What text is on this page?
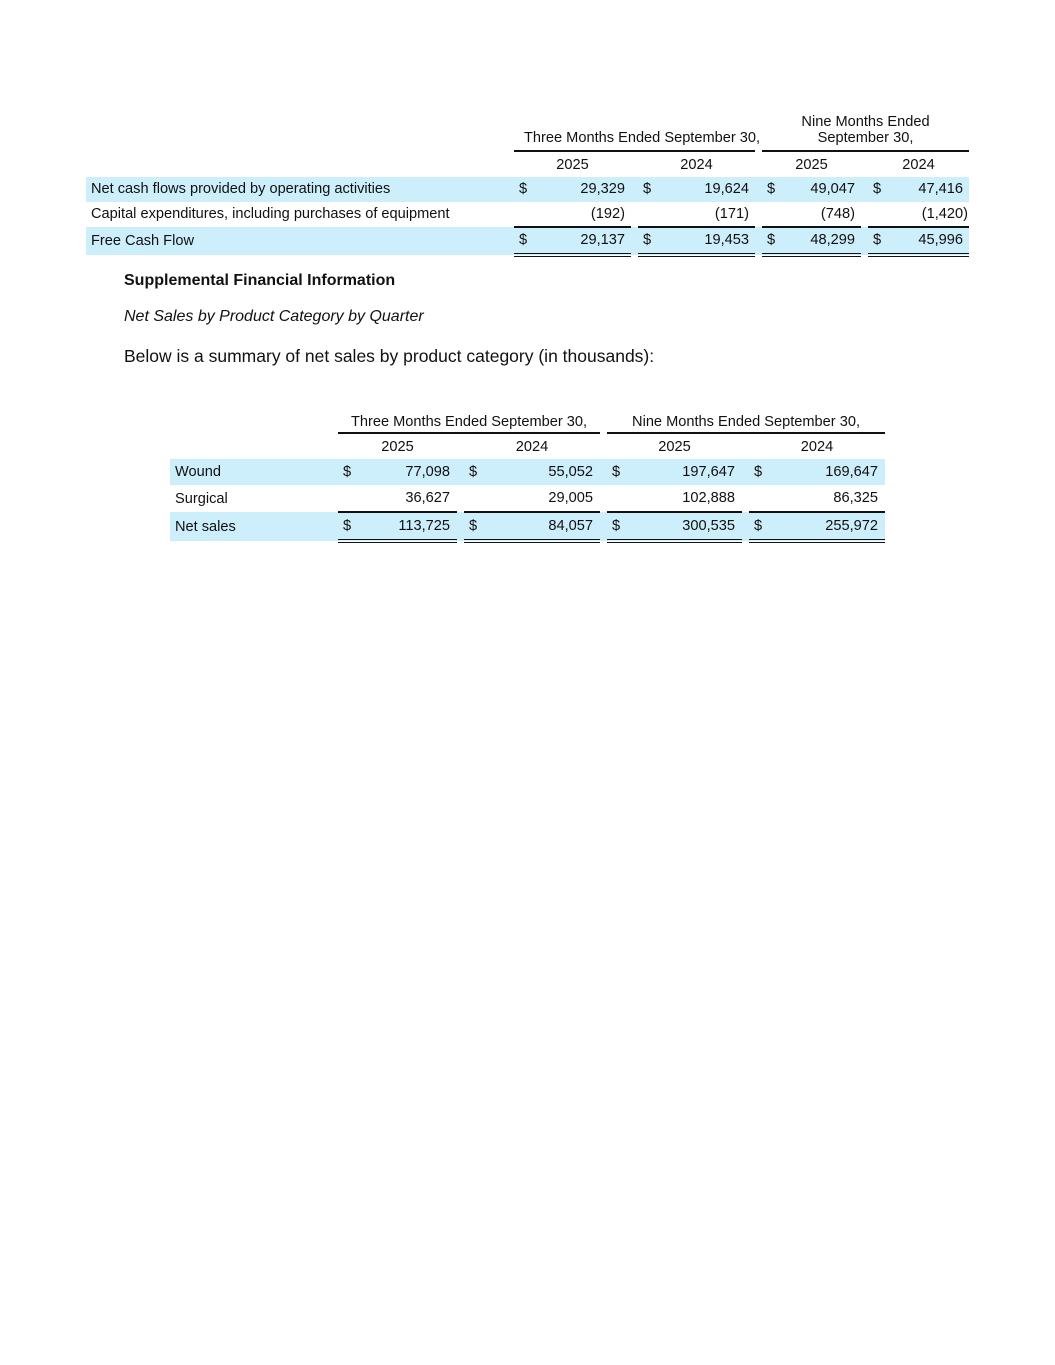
	Three Months Ended September 30,				Nine Months Ended September 30,		
	2025		2024		2025		2024
Net cash flows provided by operating activities	$ 29,329		$ 19,624		$ 49,047		$ 47,416

Capital expenditures, including purchases of equipment	(192)		(171)		(748)		(1,420)
Free Cash Flow	$ 29,137		$ 19,453		$ 48,299		$ 45,996
Supplemental Financial Information
Net Sales by Product Category by Quarter
Below is a summary of net sales by product category (in thousands):
	Three Months Ended September 30,				Nine Months Ended September 30,		
	2025		2024		2025		2024
Wound	$ 77,098		$ 55,052		$ 197,647		$ 169,647

Surgical	36,627		29,005		102,888		86,325
Net sales	$ 113,725		$ 84,057		$ 300,535		$ 255,972
